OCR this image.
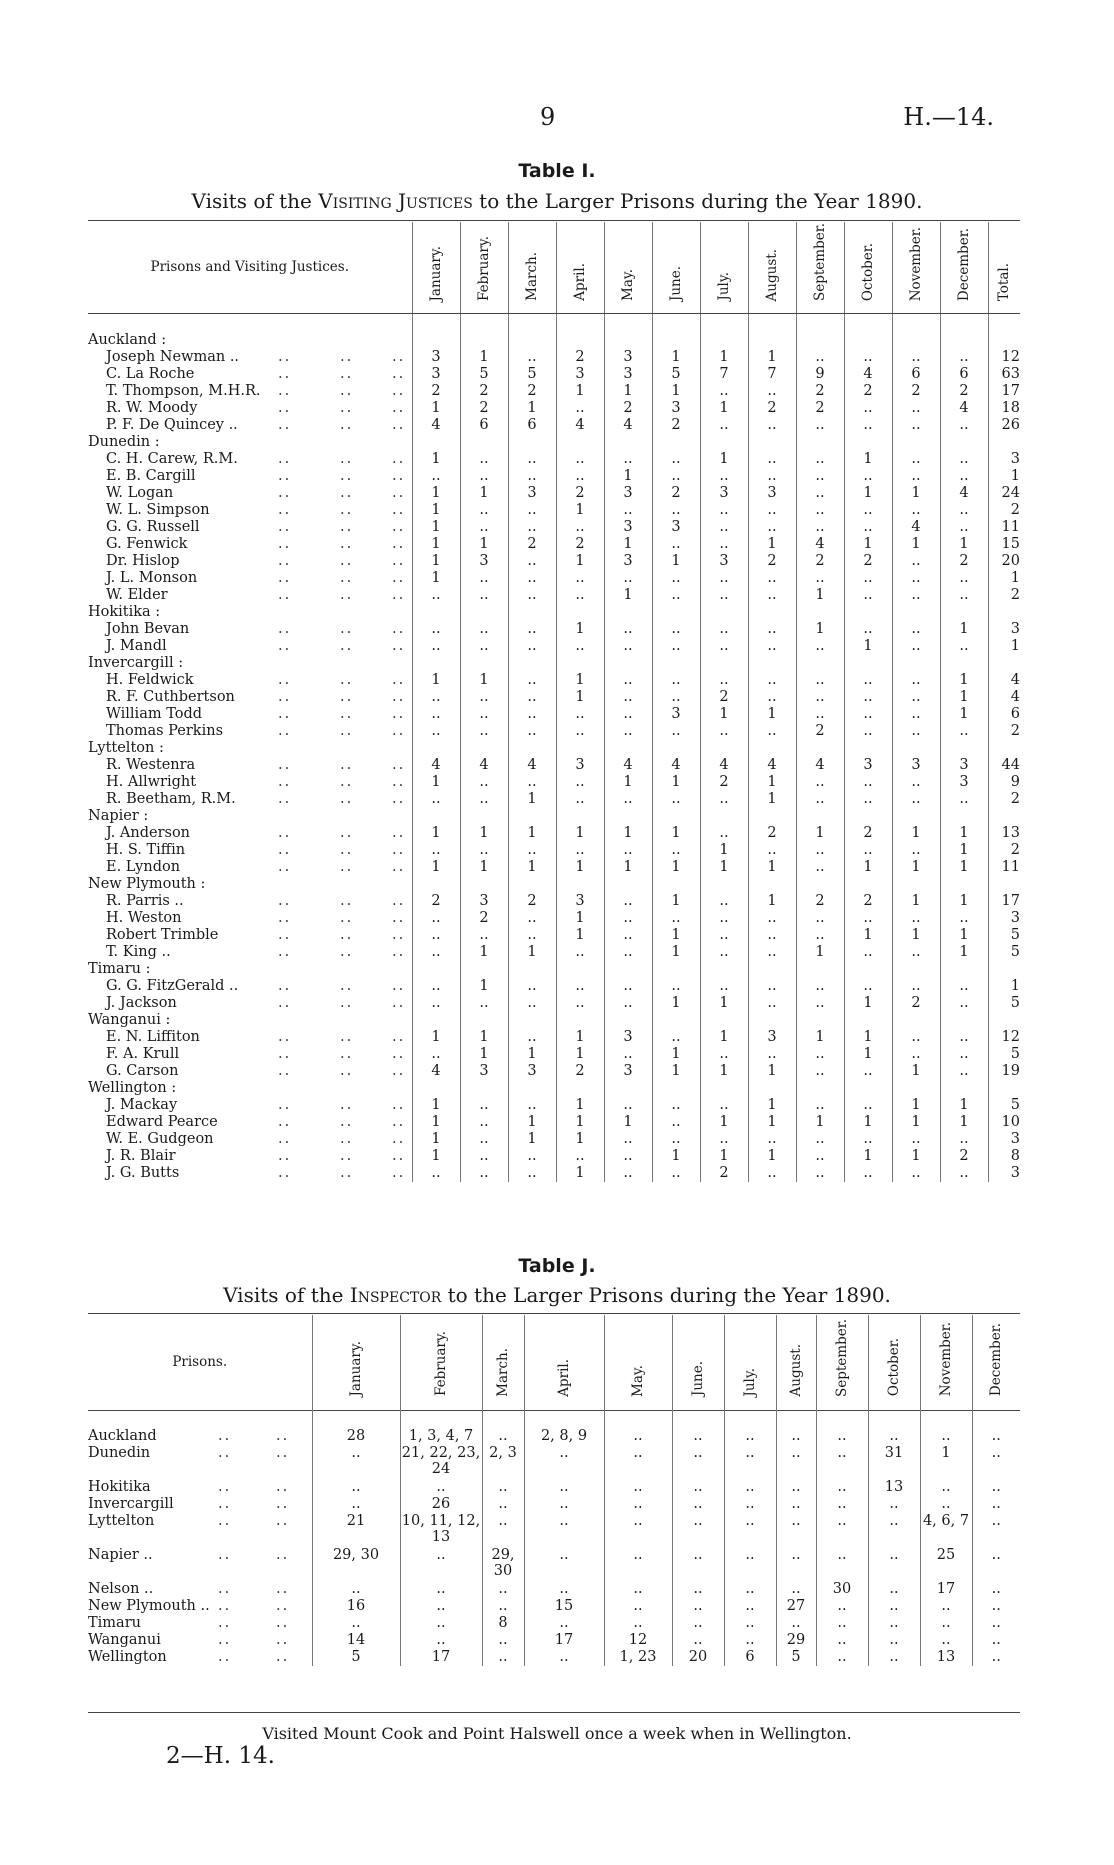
9	H.—14.
Table I.
Visits of the Visiting Justices to the Larger Prisons during the Year 1890.
Prisons and Visiting Justices.	January.	February.	March.	April.	May.	June.	July.	August.	September.	October.	November.	December.	Total.

Auckland :													
Joseph Newman .. .. .. ..	3	1	..	2	3	1	1	1	..	..	..	..	12
C. La Roche .. .. ..	3	5	5	3	3	5	7	7	9	4	6	6	63
T. Thompson, M.H.R. .. .. ..	2	2	2	1	1	1	..	..	2	2	2	2	17
R. W. Moody .. .. ..	1	2	1	..	2	3	1	2	2	..	..	4	18
P. F. De Quincey .. .. .. ..	4	6	6	4	4	2	..	..	..	..	..	..	26
Dunedin :													
C. H. Carew, R.M. .. .. ..	1	..	..	..	..	..	1	..	..	1	..	..	3
E. B. Cargill .. .. ..	..	..	..	..	1	..	..	..	..	..	..	..	1
W. Logan .. .. ..	1	1	3	2	3	2	3	3	..	1	1	4	24
W. L. Simpson .. .. ..	1	..	..	1	..	..	..	..	..	..	..	..	2
G. G. Russell .. .. ..	1	..	..	..	3	3	..	..	..	..	4	..	11
G. Fenwick .. .. ..	1	1	2	2	1	..	..	1	4	1	1	1	15
Dr. Hislop .. .. ..	1	3	..	1	3	1	3	2	2	2	..	2	20
J. L. Monson .. .. ..	1	..	..	..	..	..	..	..	..	..	..	..	1
W. Elder .. .. ..	..	..	..	..	1	..	..	..	1	..	..	..	2
Hokitika :													
John Bevan .. .. ..	..	..	..	1	..	..	..	..	1	..	..	1	3
J. Mandl .. .. ..	..	..	..	..	..	..	..	..	..	1	..	..	1
Invercargill :													
H. Feldwick .. .. ..	1	1	..	1	..	..	..	..	..	..	..	1	4
R. F. Cuthbertson .. .. ..	..	..	..	1	..	..	2	..	..	..	..	1	4
William Todd .. .. ..	..	..	..	..	..	3	1	1	..	..	..	1	6
Thomas Perkins .. .. ..	..	..	..	..	..	..	..	..	2	..	..	..	2
Lyttelton :													
R. Westenra .. .. ..	4	4	4	3	4	4	4	4	4	3	3	3	44
H. Allwright .. .. ..	1	..	..	..	1	1	2	1	..	..	..	3	9
R. Beetham, R.M. .. .. ..	..	..	1	..	..	..	..	1	..	..	..	..	2
Napier :													
J. Anderson .. .. ..	1	1	1	1	1	1	..	2	1	2	1	1	13
H. S. Tiffin .. .. ..	..	..	..	..	..	..	1	..	..	..	..	1	2
E. Lyndon .. .. ..	1	1	1	1	1	1	1	1	..	1	1	1	11
New Plymouth :													
R. Parris .. .. .. ..	2	3	2	3	..	1	..	1	2	2	1	1	17
H. Weston .. .. ..	..	2	..	1	..	..	..	..	..	..	..	..	3
Robert Trimble .. .. ..	..	..	..	1	..	1	..	..	..	1	1	1	5
T. King .. .. .. ..	..	1	1	..	..	1	..	..	1	..	..	1	5
Timaru :													
G. G. FitzGerald .. .. .. ..	..	1	..	..	..	..	..	..	..	..	..	..	1
J. Jackson .. .. ..	..	..	..	..	..	1	1	..	..	1	2	..	5
Wanganui :													
E. N. Liffiton .. .. ..	1	1	..	1	3	..	1	3	1	1	..	..	12
F. A. Krull .. .. ..	..	1	1	1	..	1	..	..	..	1	..	..	5
G. Carson .. .. ..	4	3	3	2	3	1	1	1	..	..	1	..	19
Wellington :													
J. Mackay .. .. ..	1	..	..	1	..	..	..	1	..	..	1	1	5
Edward Pearce .. .. ..	1	..	1	1	1	..	1	1	1	1	1	1	10
W. E. Gudgeon .. .. ..	1	..	1	1	..	..	..	..	..	..	..	..	3
J. R. Blair .. .. ..	1	..	..	..	..	1	1	1	..	1	1	2	8
J. G. Butts .. .. ..	..	..	..	1	..	..	2	..	..	..	..	..	3
Table J.
Visits of the Inspector to the Larger Prisons during the Year 1890.
Prisons.	January.	February.	March.	April.	May.	June.	July.	August.	September.	October.	November.	December.

Auckland .. ..	28	1, 3, 4, 7	..	2, 8, 9	..	..	..	..	..	..	..	..
Dunedin .. ..	..	21, 22, 23, 24	2, 3	..	..	..	..	..	..	31	1	..
Hokitika .. ..	..	..	..	..	..	..	..	..	..	13	..	..
Invercargill .. ..	..	26	..	..	..	..	..	..	..	..	..	..
Lyttelton .. ..	21	10, 11, 12, 13	..	..	..	..	..	..	..	..	4, 6, 7	..
Napier .. .. ..	29, 30	..	29, 30	..	..	..	..	..	..	..	25	..
Nelson .. .. ..	..	..	..	..	..	..	..	..	30	..	17	..
New Plymouth .. .. ..	16	..	..	15	..	..	..	27	..	..	..	..
Timaru .. ..	..	..	8	..	..	..	..	..	..	..	..	..
Wanganui .. ..	14	..	..	17	12	..	..	29	..	..	..	..
Wellington .. ..	5	17	..	..	1, 23	20	6	5	..	..	13	..
Visited Mount Cook and Point Halswell once a week when in Wellington.
2—H. 14.
